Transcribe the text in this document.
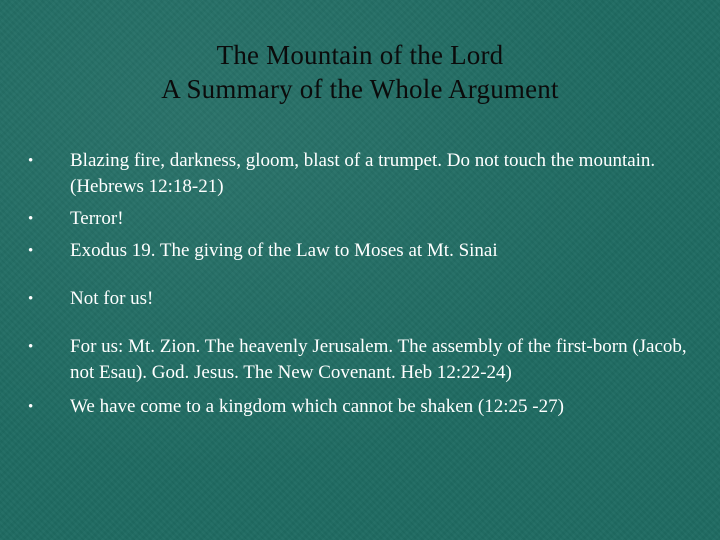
The Mountain of the Lord
A Summary of the Whole Argument
•	Blazing fire, darkness, gloom, blast of a trumpet. Do not touch the mountain. (Hebrews 12:18-21)
•	Terror!
•	Exodus 19. The giving of the Law to Moses at Mt. Sinai
•	Not for us!
•	For us: Mt. Zion. The heavenly Jerusalem. The assembly of the first-born (Jacob, not Esau). God. Jesus. The New Covenant. Heb 12:22-24)
•	We have come to a kingdom which cannot be shaken (12:25 -27)
